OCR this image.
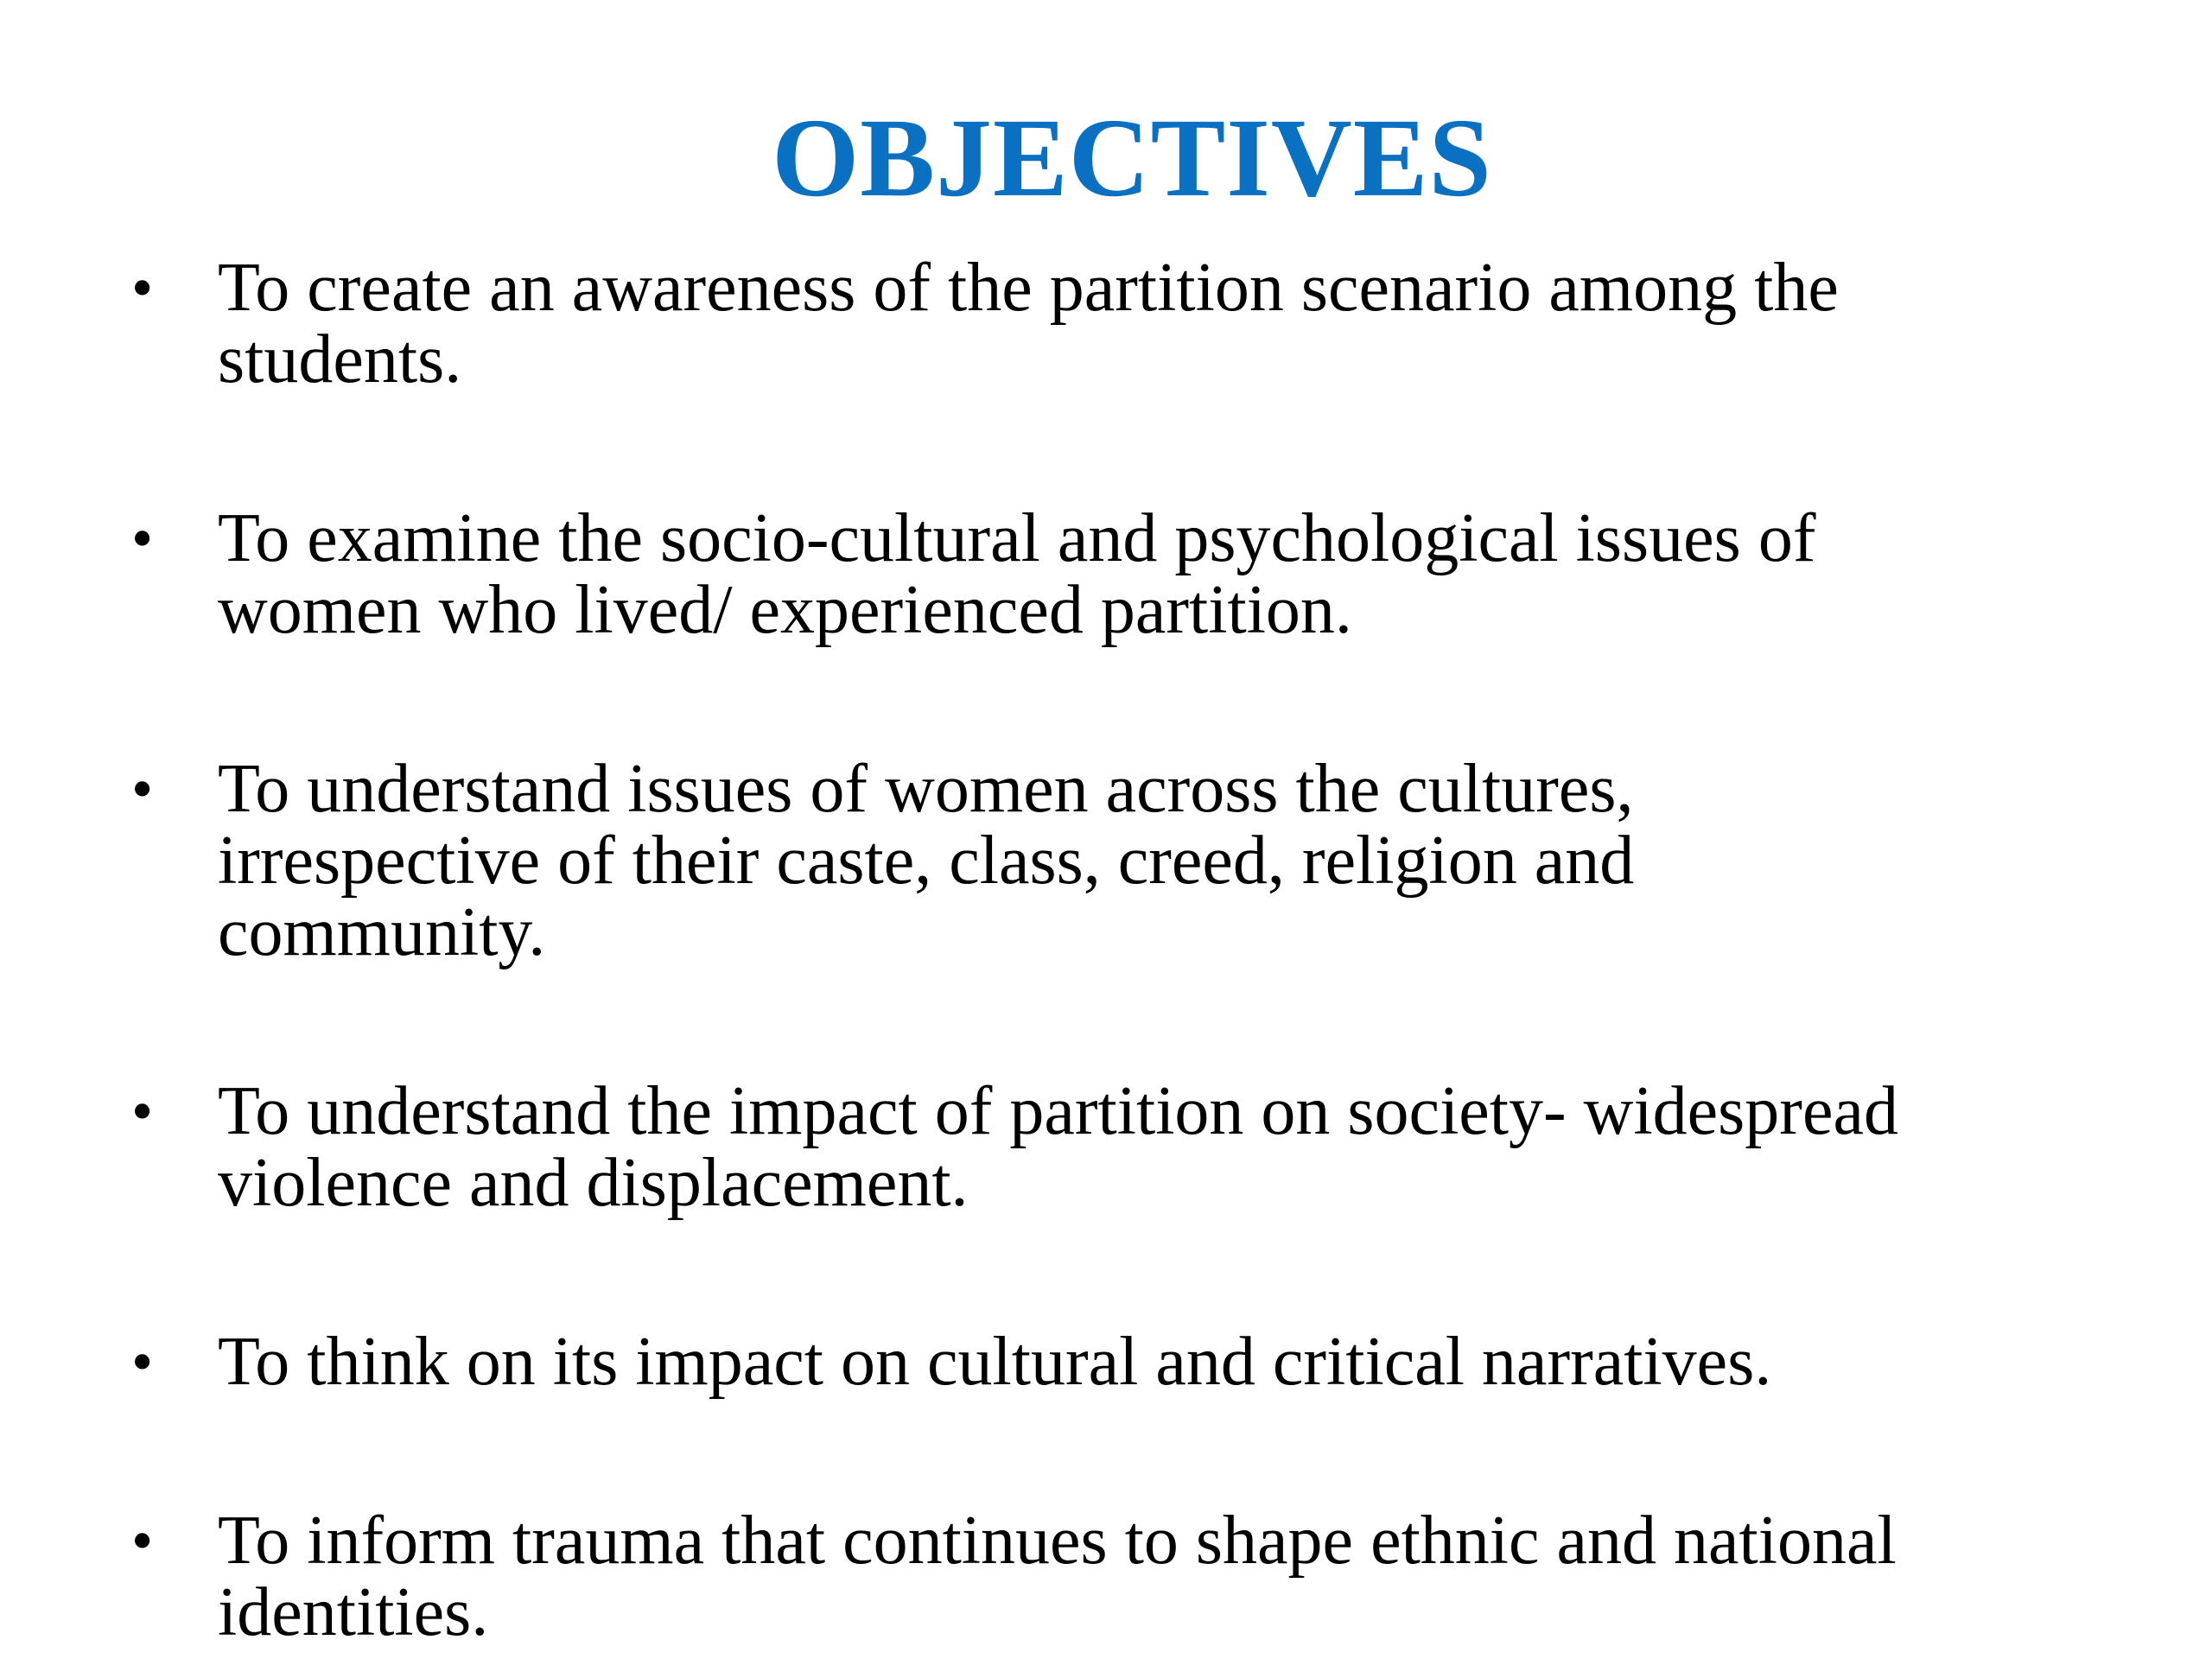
OBJECTIVES
• To create an awareness of the partition scenario among the
students.

• To examine the socio-cultural and psychological issues of
women who lived/ experienced partition.

• To understand issues of women across the cultures,
irrespective of their caste, class, creed, religion and
community.

• To understand the impact of partition on society- widespread
violence and displacement.

• To think on its impact on cultural and critical narratives.

• To inform trauma that continues to shape ethnic and national
identities.
